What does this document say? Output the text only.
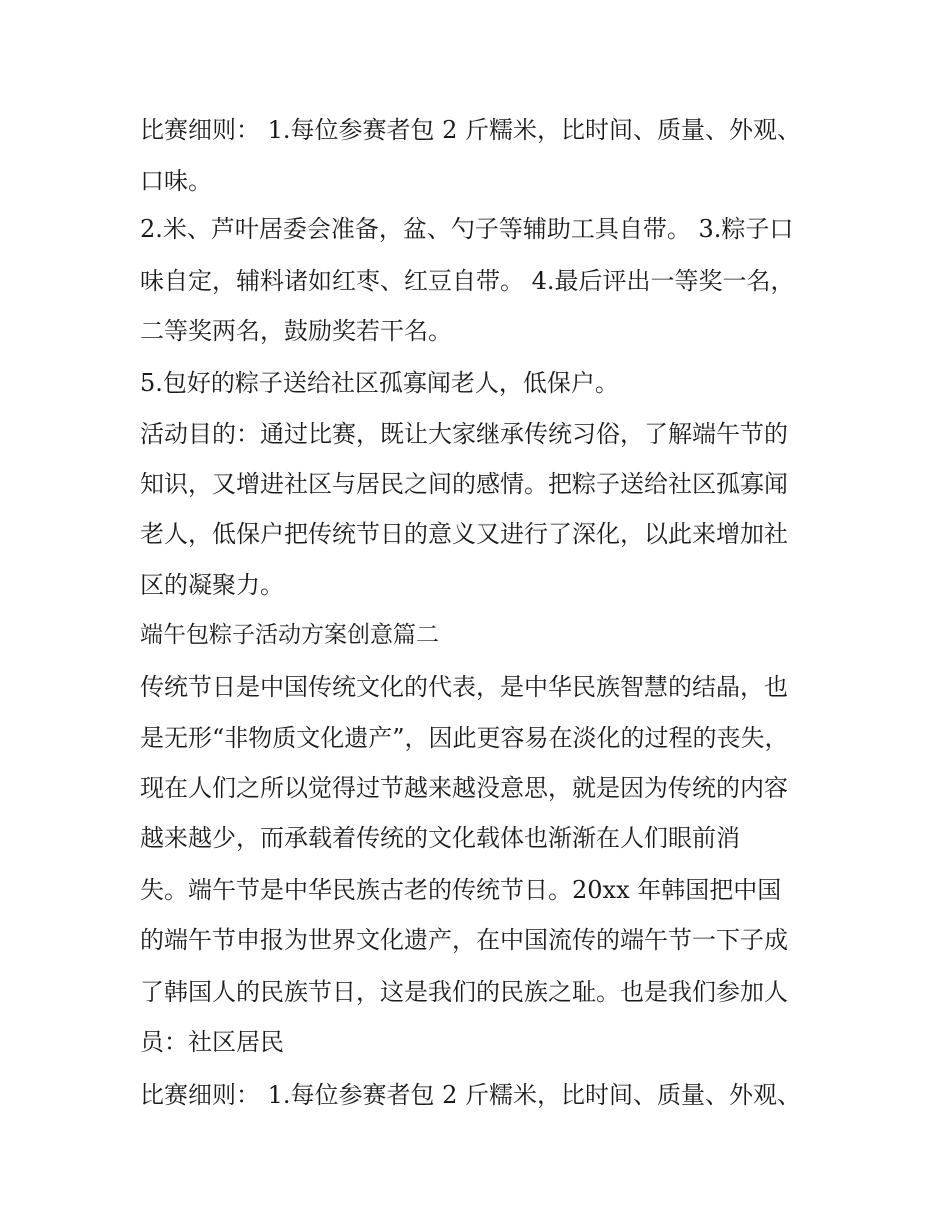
比赛细则： 1.每位参赛者包 2 斤糯米，比时间、质量、外观、
口味。
2.米、芦叶居委会准备，盆、勺子等辅助工具自带。 3.粽子口
味自定，辅料诸如红枣、红豆自带。 4.最后评出一等奖一名，
二等奖两名，鼓励奖若干名。
5.包好的粽子送给社区孤寡闻老人，低保户。
活动目的：通过比赛，既让大家继承传统习俗，了解端午节的
知识，又增进社区与居民之间的感情。把粽子送给社区孤寡闻
老人，低保户把传统节日的意义又进行了深化，以此来增加社
区的凝聚力。
端午包粽子活动方案创意篇二
传统节日是中国传统文化的代表，是中华民族智慧的结晶，也
是无形“非物质文化遗产”，因此更容易在淡化的过程的丧失，
现在人们之所以觉得过节越来越没意思，就是因为传统的内容
越来越少，而承载着传统的文化载体也渐渐在人们眼前消
失。端午节是中华民族古老的传统节日。20xx 年韩国把中国
的端午节申报为世界文化遗产，在中国流传的端午节一下子成
了韩国人的民族节日，这是我们的民族之耻。也是我们参加人
员：社区居民
比赛细则： 1.每位参赛者包 2 斤糯米，比时间、质量、外观、
